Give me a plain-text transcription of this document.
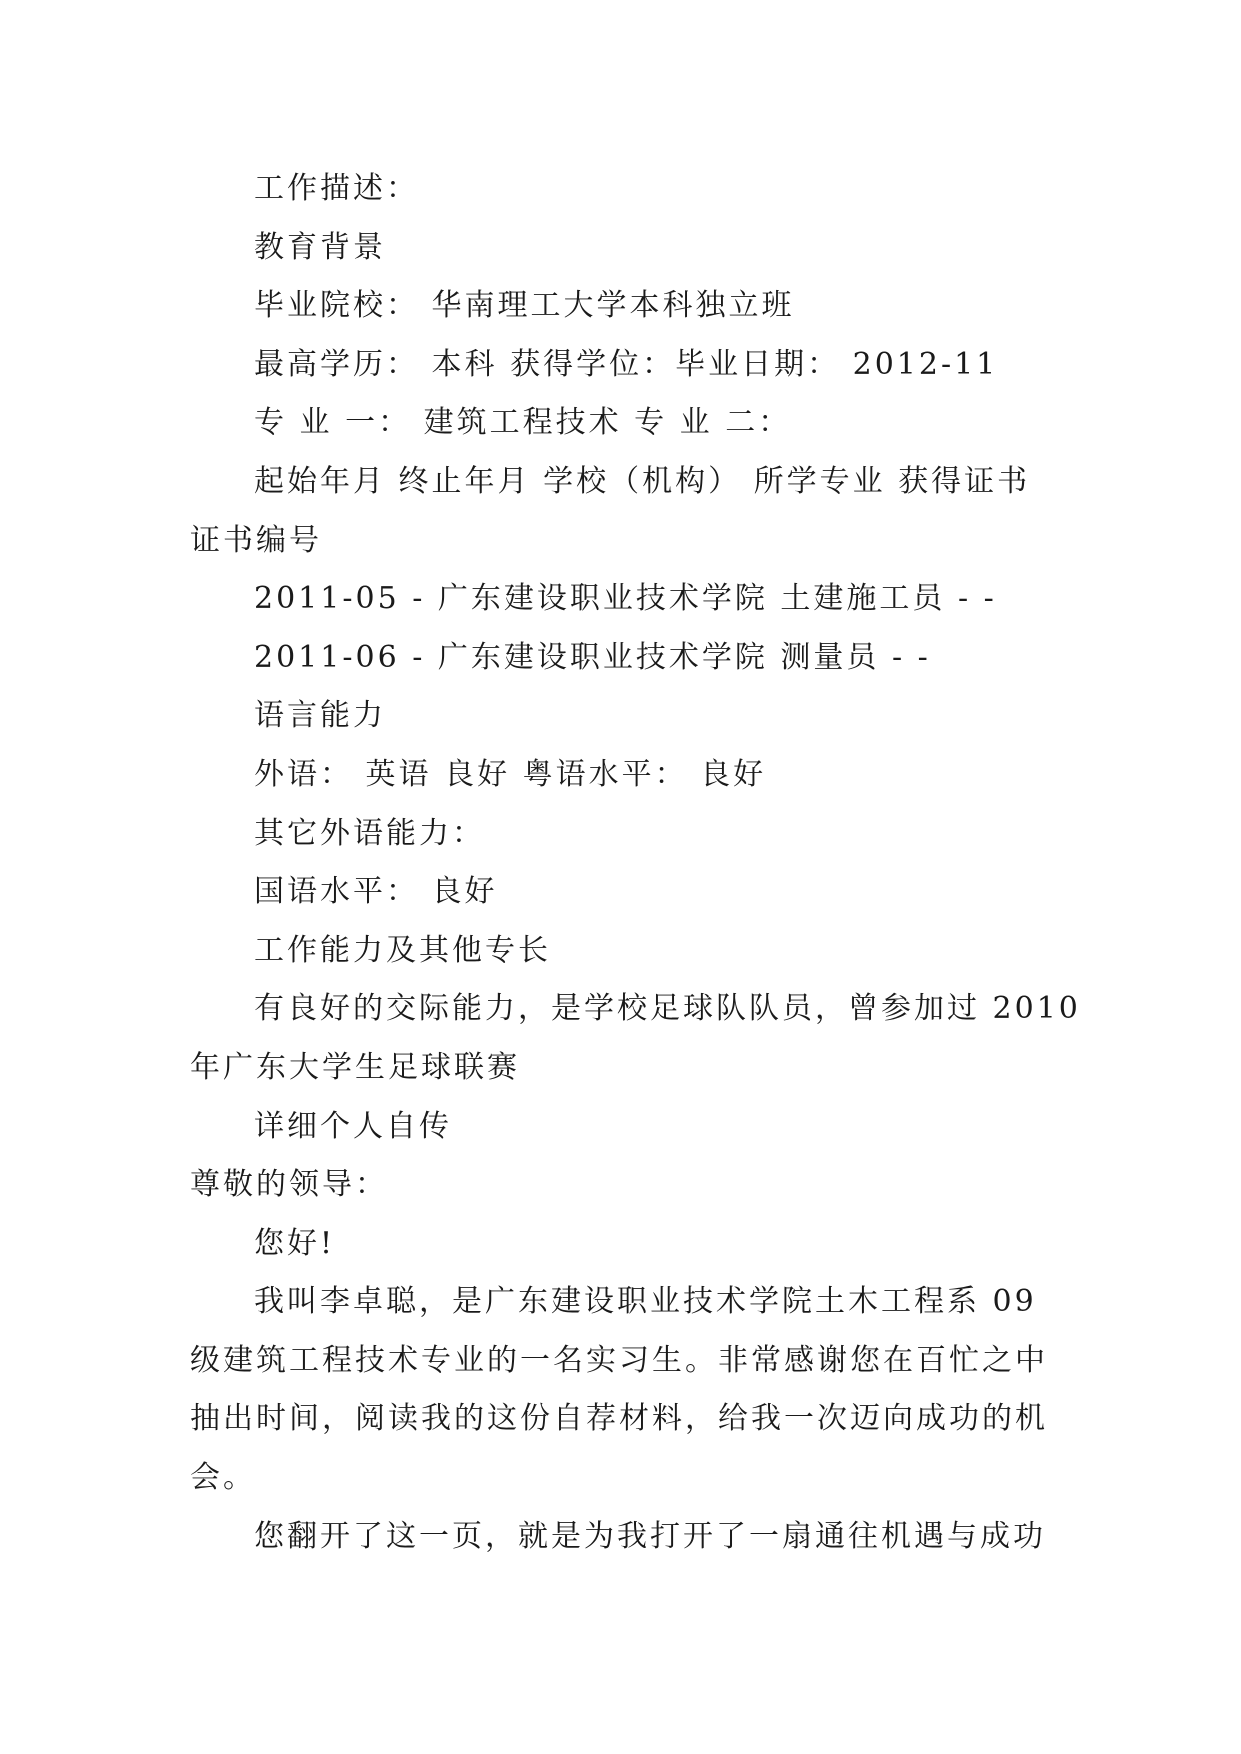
工作描述：
教育背景
毕业院校： 华南理工大学本科独立班
最高学历： 本科 获得学位：毕业日期： 2012-11
专 业 一： 建筑工程技术 专 业 二：
起始年月 终止年月 学校（机构） 所学专业 获得证书
证书编号
2011-05 - 广东建设职业技术学院 土建施工员 - -
2011-06 - 广东建设职业技术学院 测量员 - -
语言能力
外语： 英语 良好 粤语水平： 良好
其它外语能力：
国语水平： 良好
工作能力及其他专长
有良好的交际能力，是学校足球队队员，曾参加过 2010
年广东大学生足球联赛
详细个人自传
尊敬的领导：
您好!
我叫李卓聪，是广东建设职业技术学院土木工程系 09
级建筑工程技术专业的一名实习生。非常感谢您在百忙之中
抽出时间，阅读我的这份自荐材料，给我一次迈向成功的机
会。
您翻开了这一页，就是为我打开了一扇通往机遇与成功
